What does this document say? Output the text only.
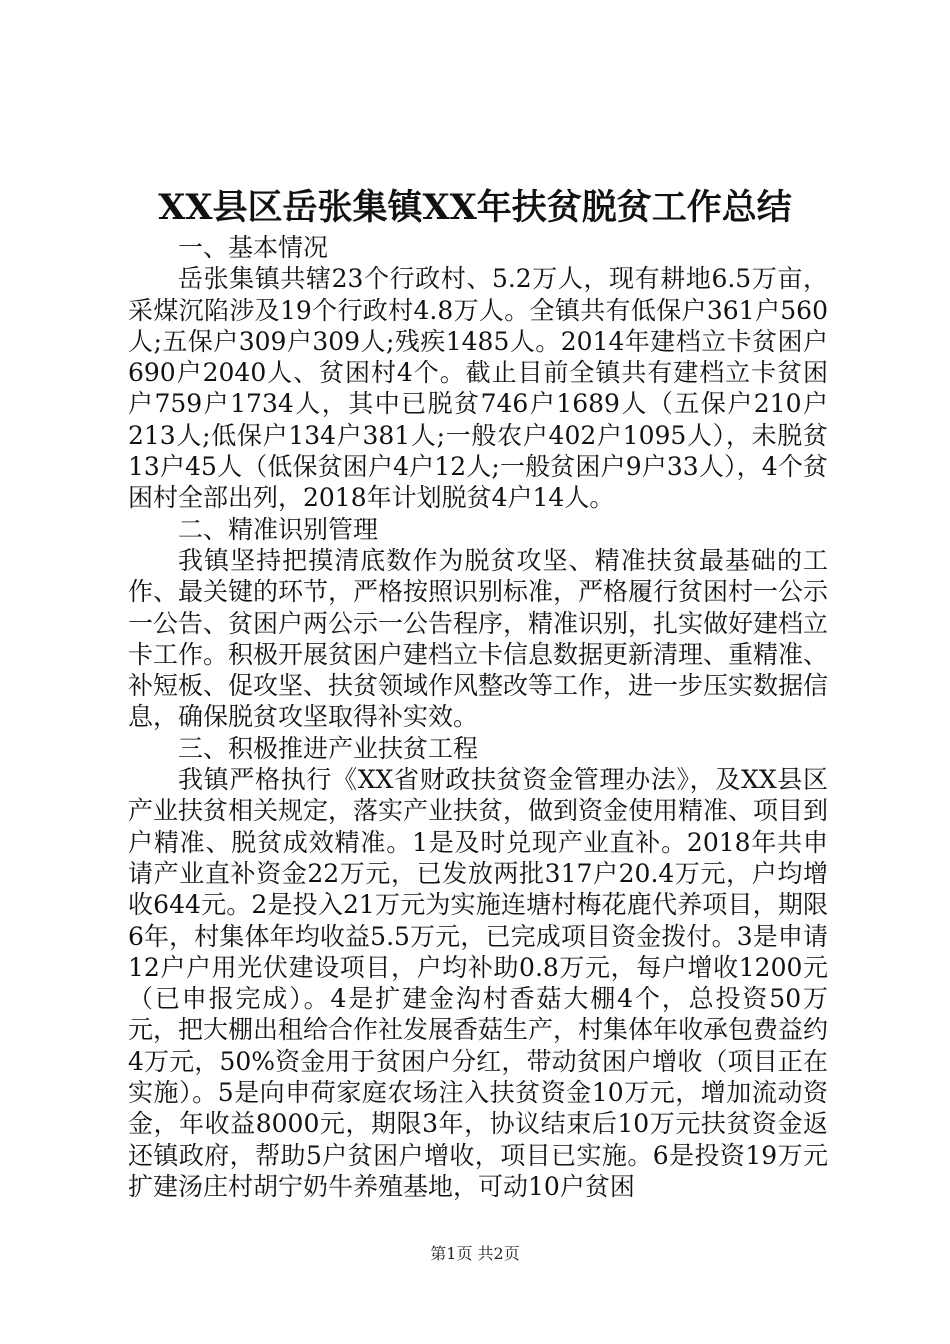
XX县区岳张集镇XX年扶贫脱贫工作总结

一、基本情况

岳张集镇共辖23个行政村、5.2万人，现有耕地6.5万亩，采煤沉陷涉及19个行政村4.8万人。全镇共有低保户361户560人;五保户309户309人;残疾1485人。2014年建档立卡贫困户690户2040人、贫困村4个。截止目前全镇共有建档立卡贫困户759户1734人，其中已脱贫746户1689人（五保户210户213人;低保户134户381人;一般农户402户1095人），未脱贫13户45人（低保贫困户4户12人;一般贫困户9户33人），4个贫困村全部出列，2018年计划脱贫4户14人。

二、精准识别管理

我镇坚持把摸清底数作为脱贫攻坚、精准扶贫最基础的工作、最关键的环节，严格按照识别标准，严格履行贫困村一公示一公告、贫困户两公示一公告程序，精准识别，扎实做好建档立卡工作。积极开展贫困户建档立卡信息数据更新清理、重精准、补短板、促攻坚、扶贫领域作风整改等工作，进一步压实数据信息，确保脱贫攻坚取得补实效。

三、积极推进产业扶贫工程

我镇严格执行《XX省财政扶贫资金管理办法》，及XX县区产业扶贫相关规定，落实产业扶贫，做到资金使用精准、项目到户精准、脱贫成效精准。1是及时兑现产业直补。2018年共申请产业直补资金22万元，已发放两批317户20.4万元，户均增收644元。2是投入21万元为实施连塘村梅花鹿代养项目，期限6年，村集体年均收益5.5万元，已完成项目资金拨付。3是申请12户户用光伏建设项目，户均补助0.8万元，每户增收1200元（已申报完成）。4是扩建金沟村香菇大棚4个，总投资50万元，把大棚出租给合作社发展香菇生产，村集体年收承包费益约4万元，50%资金用于贫困户分红，带动贫困户增收（项目正在实施）。5是向申荷家庭农场注入扶贫资金10万元，增加流动资金，年收益8000元，期限3年，协议结束后10万元扶贫资金返还镇政府，帮助5户贫困户增收，项目已实施。6是投资19万元扩建汤庄村胡宁奶牛养殖基地，可动10户贫困

第1页 共2页
